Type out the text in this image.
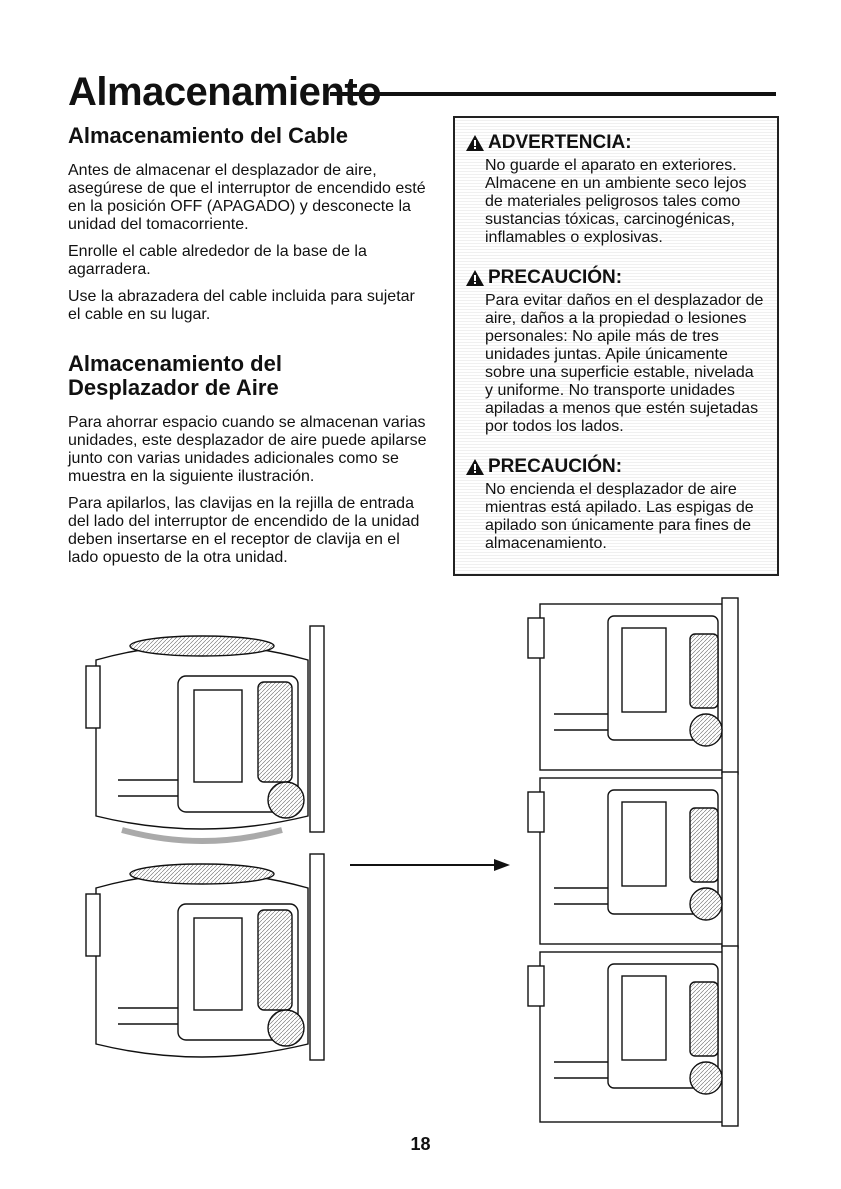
Almacenamiento
Almacenamiento del Cable

Antes de almacenar el desplazador de aire, asegúrese de que el interruptor de encendido esté en la posición OFF (APAGADO) y desconecte la unidad del tomacorriente.

Enrolle el cable alrededor de la base de la agarradera.

Use la abrazadera del cable incluida para sujetar el cable en su lugar.

Almacenamiento del
Desplazador de Aire

Para ahorrar espacio cuando se almacenan varias unidades, este desplazador de aire puede apilarse junto con varias unidades adicionales como se muestra en la siguiente ilustración.

Para apilarlos, las clavijas en la rejilla de entrada del lado del interruptor de encendido de la unidad deben insertarse en el receptor de clavija en el lado opuesto de la otra unidad.

ADVERTENCIA:
No guarde el aparato en exteriores. Almacene en un ambiente seco lejos de materiales peligrosos tales como sustancias tóxicas, carcinogénicas, inflamables o explosivas.
PRECAUCIÓN:
Para evitar daños en el desplazador de aire, daños a la propiedad o lesiones personales: No apile más de tres unidades juntas. Apile únicamente sobre una superficie estable, nivelada y uniforme. No transporte unidades apiladas a menos que estén sujetadas por todos los lados.
PRECAUCIÓN:
No encienda el desplazador de aire mientras está apilado. Las espigas de apilado son únicamente para fines de almacenamiento.
18
